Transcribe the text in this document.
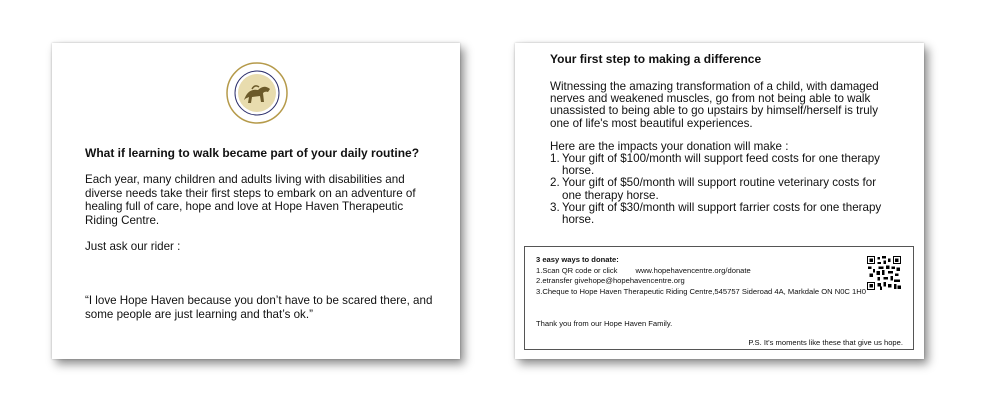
What if learning to walk became part of your daily routine?
Each year, many children and adults living with disabilities and diverse needs take their first steps to embark on an adventure of healing full of care, hope and love at Hope Haven Therapeutic Riding Centre.
Just ask our rider :
“I love Hope Haven because you don’t have to be scared there, and some people are just learning and that’s ok.”
Your first step to making a difference
Witnessing the amazing transformation of a child, with damaged nerves and weakened muscles, go from not being able to walk unassisted to being able to go upstairs by himself/herself is truly one of life's most beautiful experiences.
Here are the impacts your donation will make :
1. Your gift of $100/month will support feed costs for one therapy horse.
2. Your gift of $50/month will support routine veterinary costs for one therapy horse.
3. Your gift of $30/month will support farrier costs for one therapy horse.
3 easy ways to donate:
1.Scan QR code or click www.hopehavencentre.org/donate
2.etransfer givehope@hopehavencentre.org
3.Cheque to Hope Haven Therapeutic Riding Centre,545757 Sideroad 4A, Markdale ON N0C 1H0
Thank you from our Hope Haven Family.
P.S. It’s moments like these that give us hope.
